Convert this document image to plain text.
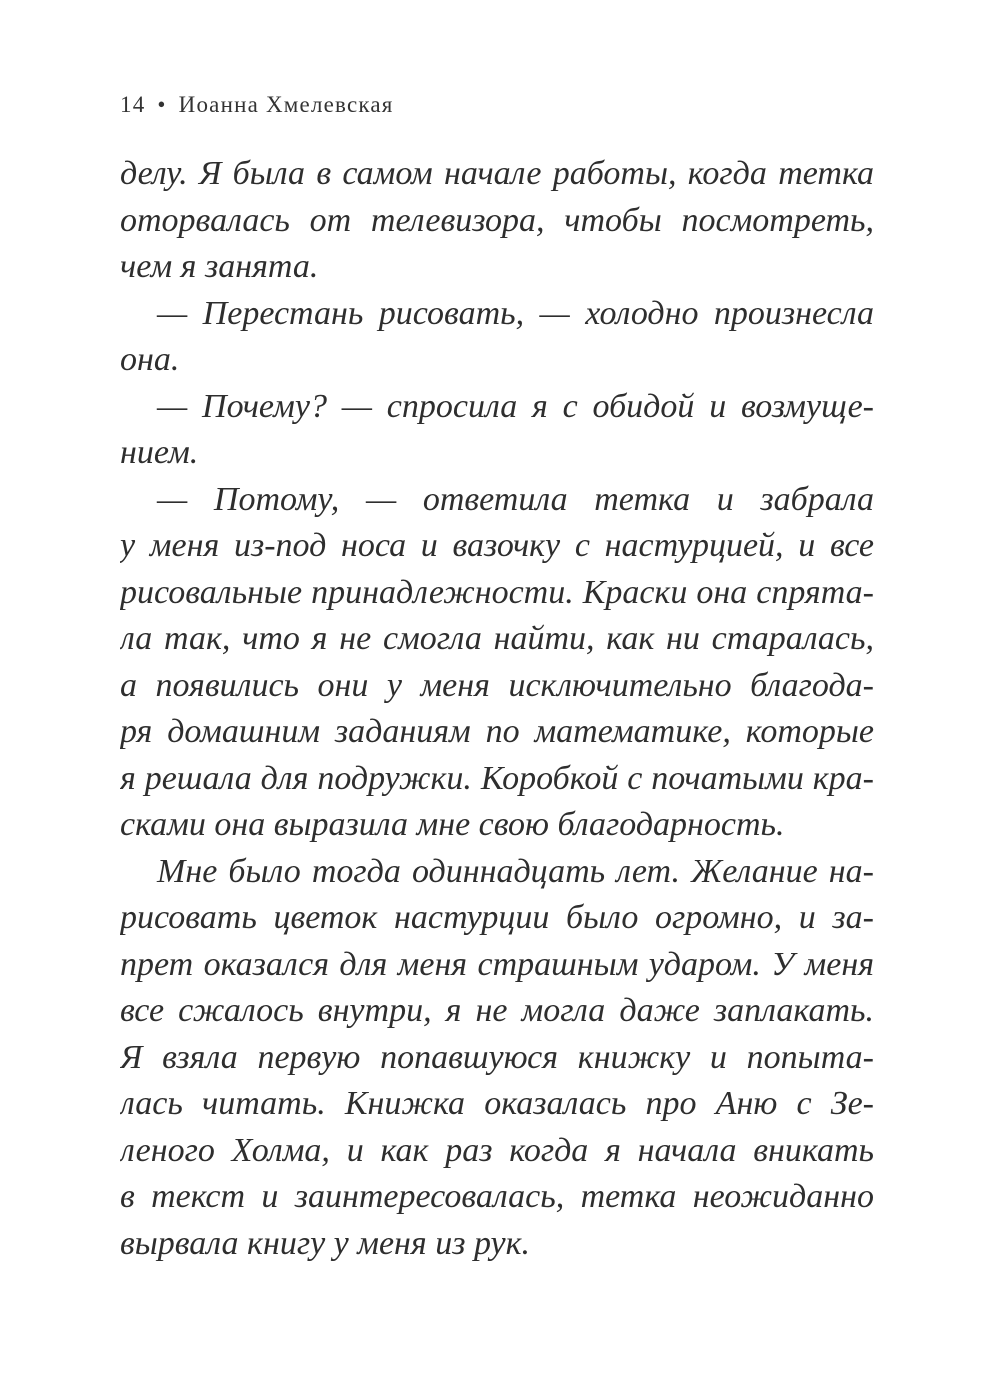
14 • Иоанна Хмелевская
делу. Я была в самом начале работы, когда тетка
оторвалась от телевизора, чтобы посмотреть,
чем я занята.
— Перестань рисовать, — холодно произнесла
она.
— Почему? — спросила я с обидой и возмуще-
нием.
— Потому, — ответила тетка и забрала
у меня из-под носа и вазочку с настурцией, и все
рисовальные принадлежности. Краски она спрята-
ла так, что я не смогла найти, как ни старалась,
а появились они у меня исключительно благода-
ря домашним заданиям по математике, которые
я решала для подружки. Коробкой с початыми кра-
сками она выразила мне свою благодарность.
Мне было тогда одиннадцать лет. Желание на-
рисовать цветок настурции было огромно, и за-
прет оказался для меня страшным ударом. У меня
все сжалось внутри, я не могла даже заплакать.
Я взяла первую попавшуюся книжку и попыта-
лась читать. Книжка оказалась про Аню с Зе-
леного Холма, и как раз когда я начала вникать
в текст и заинтересовалась, тетка неожиданно
вырвала книгу у меня из рук.
